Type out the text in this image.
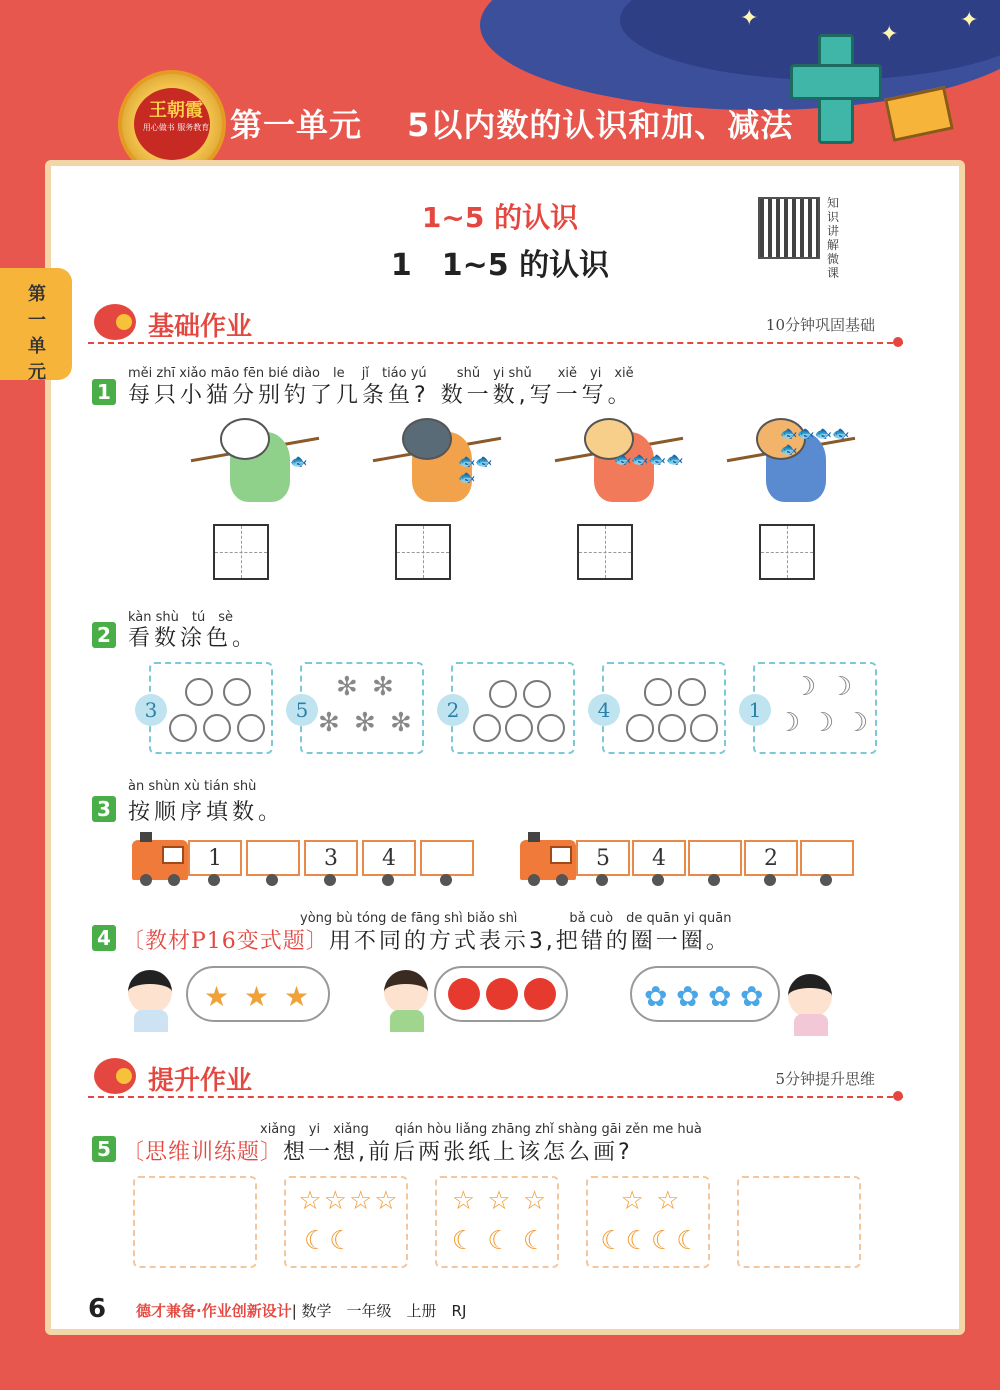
✦
✦
✦
王朝霞
用心做书 服务教育 第一单元　 5以内数的认识和加、减法
第一单元
1~5 的认识
1　1~5 的认识
知识讲解微课
基础作业	10分钟巩固基础
měi zhī xiǎo māo fēn bié diào　le　 jǐ　tiáo yú　　 shǔ　yi shǔ　　xiě　yi　xiě
1 每只小猫分别钓了几条鱼? 数一数,写一写。
🐟	🐟🐟🐟
🐟🐟🐟🐟
🐟🐟🐟🐟🐟
kàn shù　tú　sè
2 看数涂色。
3	5
✻ ✻
✻ ✻ ✻	2	4	1
☽ ☽
☽ ☽ ☽
àn shùn xù tián shù
3 按顺序填数。
1	3	4	5	4	2
yòng bù tóng de fāng shì biǎo shì　　　　bǎ cuò　de quān yi quān
4 〔教材P16变式题〕用不同的方式表示3,把错的圈一圈。
★ ★ ★	✿ ✿ ✿ ✿
提升作业	5分钟提升思维
xiǎng　yi　xiǎng　　qián hòu liǎng zhāng zhǐ shàng gāi zěn me huà
5 〔思维训练题〕想一想,前后两张纸上该怎么画?
☆☆☆☆
☾☾
☆ ☆ ☆
☾ ☾ ☾
☆ ☆
☾☾☾☾
6 德才兼备·作业创新设计| 数学　一年级　上册　RJ
